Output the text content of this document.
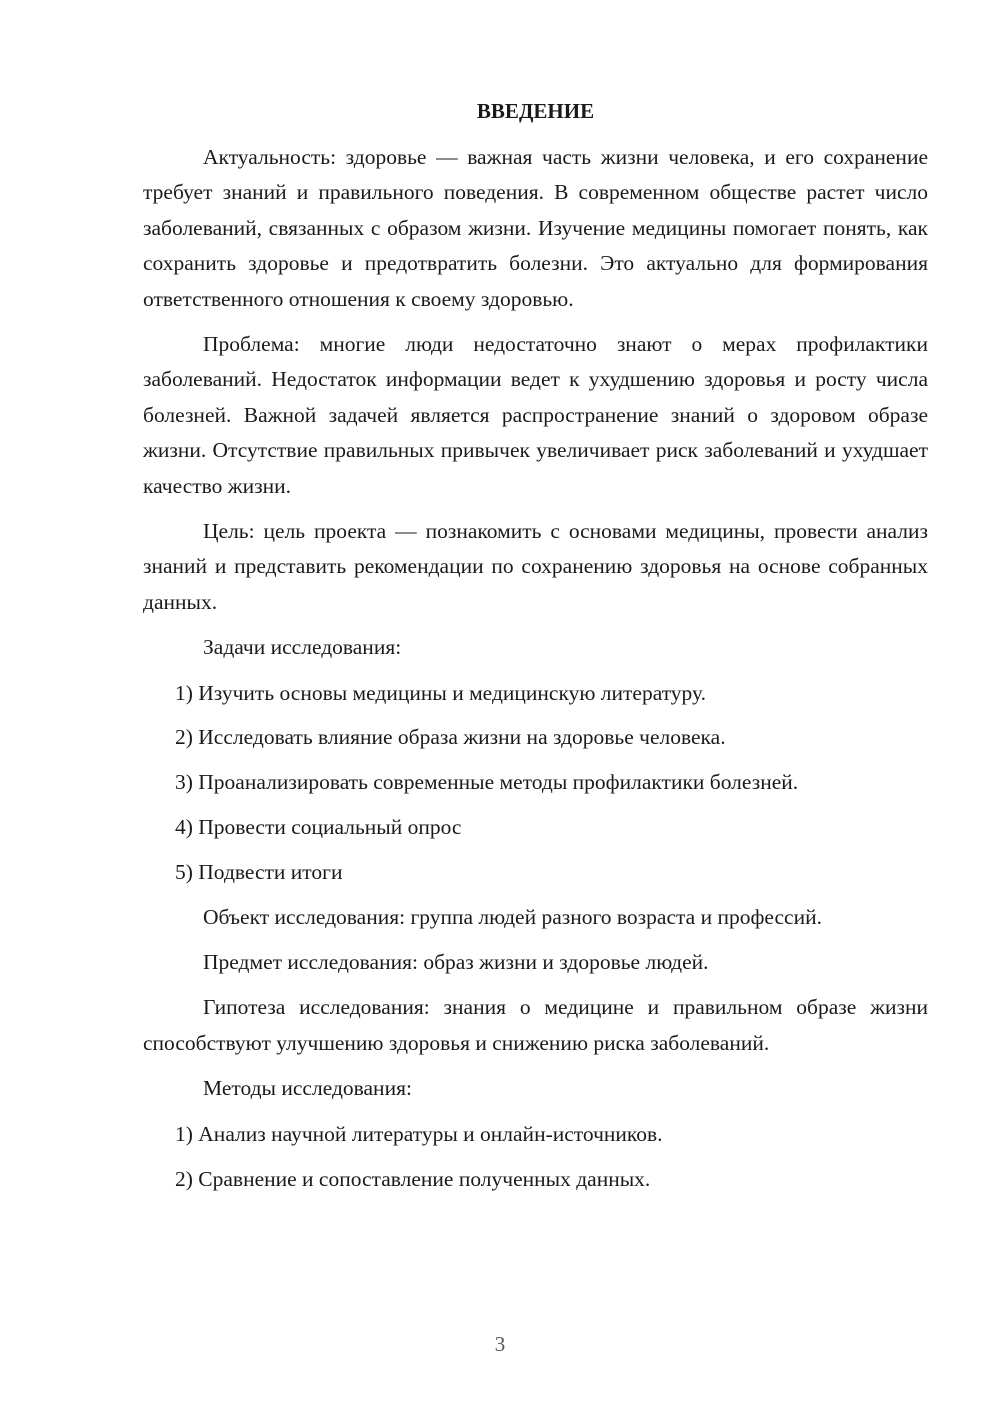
ВВЕДЕНИЕ

Актуальность: здоровье — важная часть жизни человека, и его сохранение требует знаний и правильного поведения. В современном обществе растет число заболеваний, связанных с образом жизни. Изучение медицины помогает понять, как сохранить здоровье и предотвратить болезни. Это актуально для формирования ответственного отношения к своему здоровью.

Проблема: многие люди недостаточно знают о мерах профилактики заболеваний. Недостаток информации ведет к ухудшению здоровья и росту числа болезней. Важной задачей является распространение знаний о здоровом образе жизни. Отсутствие правильных привычек увеличивает риск заболеваний и ухудшает качество жизни.

Цель: цель проекта — познакомить с основами медицины, провести анализ знаний и представить рекомендации по сохранению здоровья на основе собранных данных.

Задачи исследования:

1) Изучить основы медицины и медицинскую литературу.
2) Исследовать влияние образа жизни на здоровье человека.
3) Проанализировать современные методы профилактики болезней.
4) Провести социальный опрос
5) Подвести итоги

Объект исследования: группа людей разного возраста и профессий.

Предмет исследования: образ жизни и здоровье людей.

Гипотеза исследования: знания о медицине и правильном образе жизни способствуют улучшению здоровья и снижению риска заболеваний.

Методы исследования:

1) Анализ научной литературы и онлайн-источников.
2) Сравнение и сопоставление полученных данных.
3
